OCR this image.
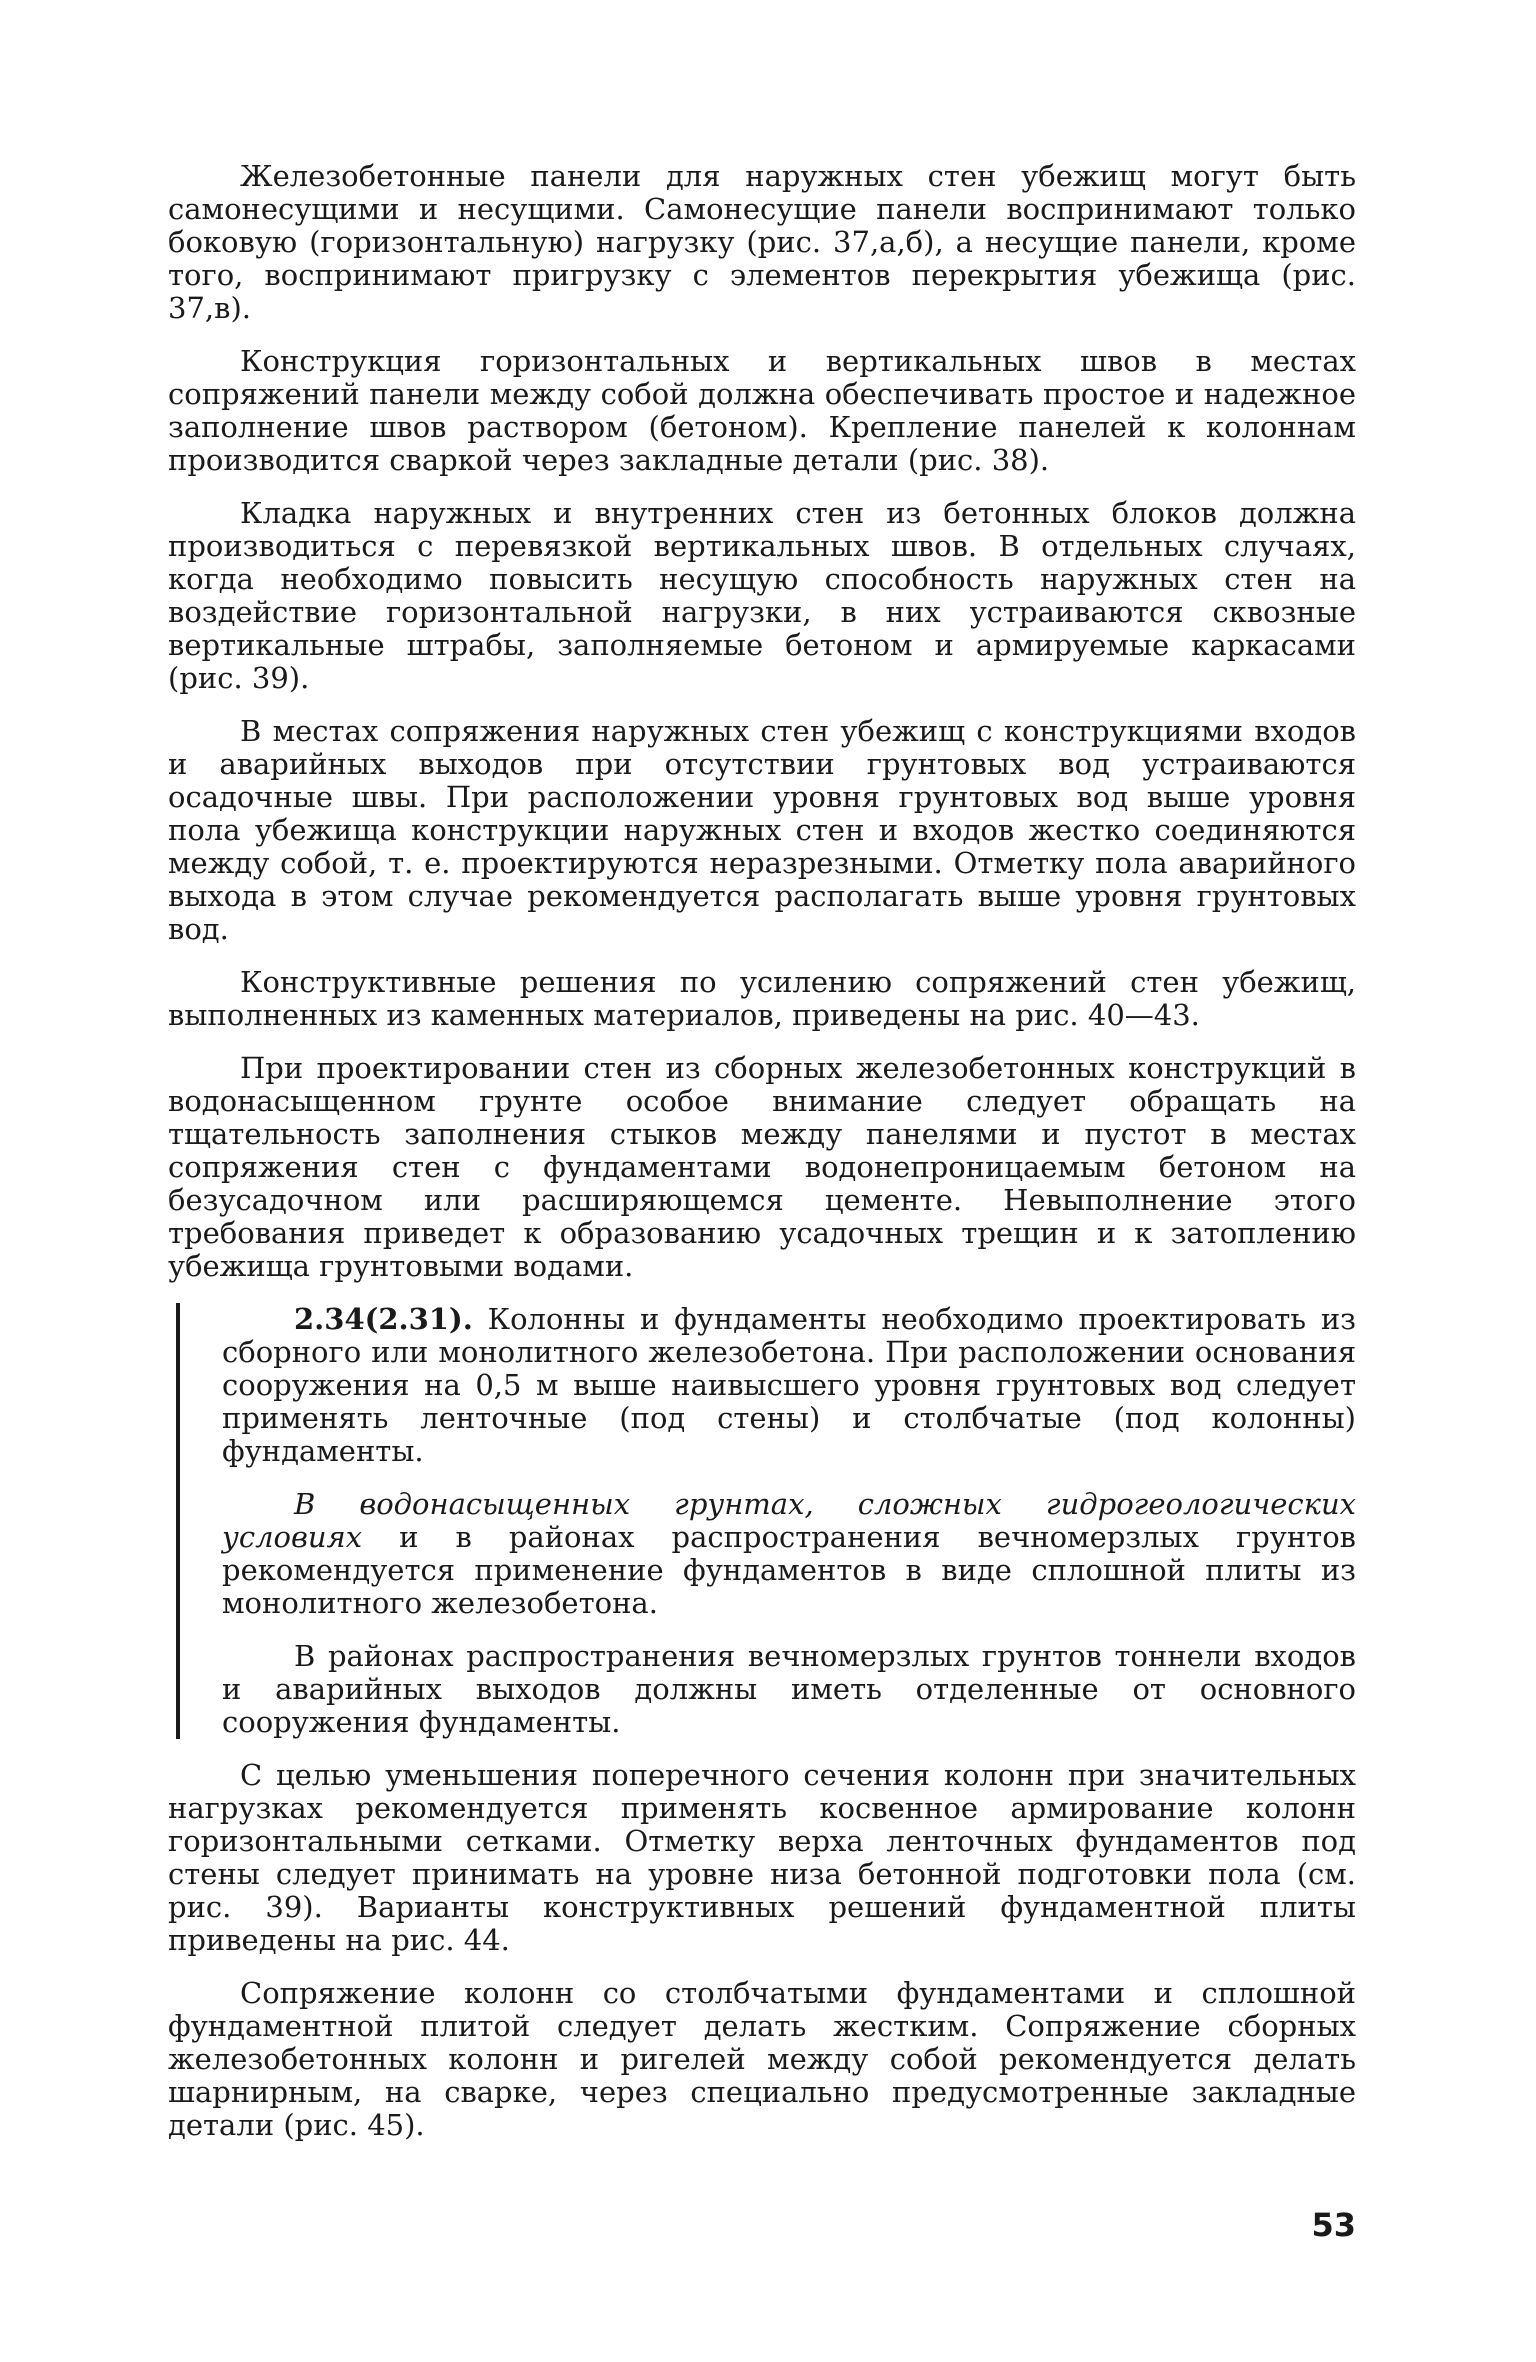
Железобетонные панели для наружных стен убежищ могут быть самонесущими и несущими. Самонесущие панели воспринимают только боковую (горизонтальную) нагрузку (рис. 37,а,б), а несущие панели, кроме того, воспринимают пригрузку с элементов перекрытия убежища (рис. 37,в).

Конструкция горизонтальных и вертикальных швов в местах сопряжений панели между собой должна обеспечивать простое и надежное заполнение швов раствором (бетоном). Крепление панелей к колоннам производится сваркой через закладные детали (рис. 38).

Кладка наружных и внутренних стен из бетонных блоков должна производиться с перевязкой вертикальных швов. В отдельных случаях, когда необходимо повысить несущую способность наружных стен на воздействие горизонтальной нагрузки, в них устраиваются сквозные вертикальные штрабы, заполняемые бетоном и армируемые каркасами (рис. 39).

В местах сопряжения наружных стен убежищ с конструкциями входов и аварийных выходов при отсутствии грунтовых вод устраиваются осадочные швы. При расположении уровня грунтовых вод выше уровня пола убежища конструкции наружных стен и входов жестко соединяются между собой, т. е. проектируются неразрезными. Отметку пола аварийного выхода в этом случае рекомендуется располагать выше уровня грунтовых вод.

Конструктивные решения по усилению сопряжений стен убежищ, выполненных из каменных материалов, приведены на рис. 40—43.

При проектировании стен из сборных железобетонных конструкций в водонасыщенном грунте особое внимание следует обращать на тщательность заполнения стыков между панелями и пустот в местах сопряжения стен с фундаментами водонепроницаемым бетоном на безусадочном или расширяющемся цементе. Невыполнение этого требования приведет к образованию усадочных трещин и к затоплению убежища грунтовыми водами.

2.34(2.31). Колонны и фундаменты необходимо проектировать из сборного или монолитного железобетона. При расположении основания сооружения на 0,5 м выше наивысшего уровня грунтовых вод следует применять ленточные (под стены) и столбчатые (под колонны) фундаменты.

В водонасыщенных грунтах, сложных гидрогеологических условиях и в районах распространения вечномерзлых грунтов рекомендуется применение фундаментов в виде сплошной плиты из монолитного железобетона.

В районах распространения вечномерзлых грунтов тоннели входов и аварийных выходов должны иметь отделенные от основного сооружения фундаменты.

С целью уменьшения поперечного сечения колонн при значительных нагрузках рекомендуется применять косвенное армирование колонн горизонтальными сетками. Отметку верха ленточных фундаментов под стены следует принимать на уровне низа бетонной подготовки пола (см. рис. 39). Варианты конструктивных решений фундаментной плиты приведены на рис. 44.

Сопряжение колонн со столбчатыми фундаментами и сплошной фундаментной плитой следует делать жестким. Сопряжение сборных железобетонных колонн и ригелей между собой рекомендуется делать шарнирным, на сварке, через специально предусмотренные закладные детали (рис. 45).

53
